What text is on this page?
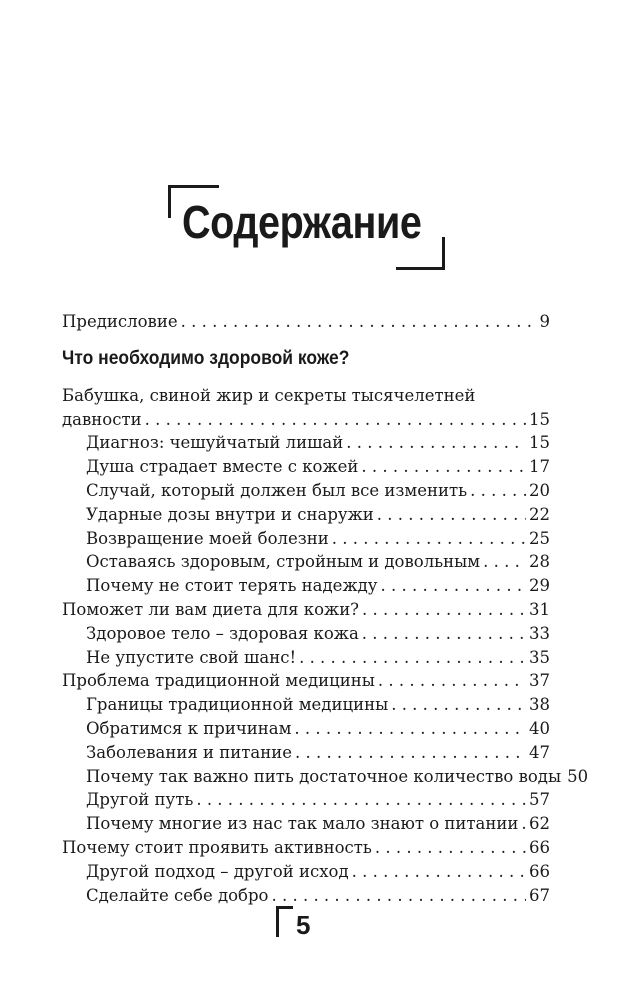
Содержание
Предисловие . . .	9
Что необходимо здоровой коже?
Бабушка, свиной жир и секреты тысячелетней
давности . . .	15
Диагноз: чешуйчатый лишай . . .	15
Душа страдает вместе с кожей . . .	17
Случай, который должен был все изменить . . .	20
Ударные дозы внутри и снаружи . . .	22
Возвращение моей болезни . . .	25
Оставаясь здоровым, стройным и довольным . . .	28
Почему не стоит терять надежду . . .	29
Поможет ли вам диета для кожи? . . .	31
Здоровое тело – здоровая кожа . . .	33
Не упустите свой шанс! . . .	35
Проблема традиционной медицины . . .	37
Границы традиционной медицины . . .	38
Обратимся к причинам . . .	40
Заболевания и питание . . .	47
Почему так важно пить достаточное количество воды 50
Другой путь . . .	57
Почему многие из нас так мало знают о питании . . . 62
Почему стоит проявить активность . . .	66
Другой подход – другой исход . . .	66
Сделайте себе добро . . .	67
5
